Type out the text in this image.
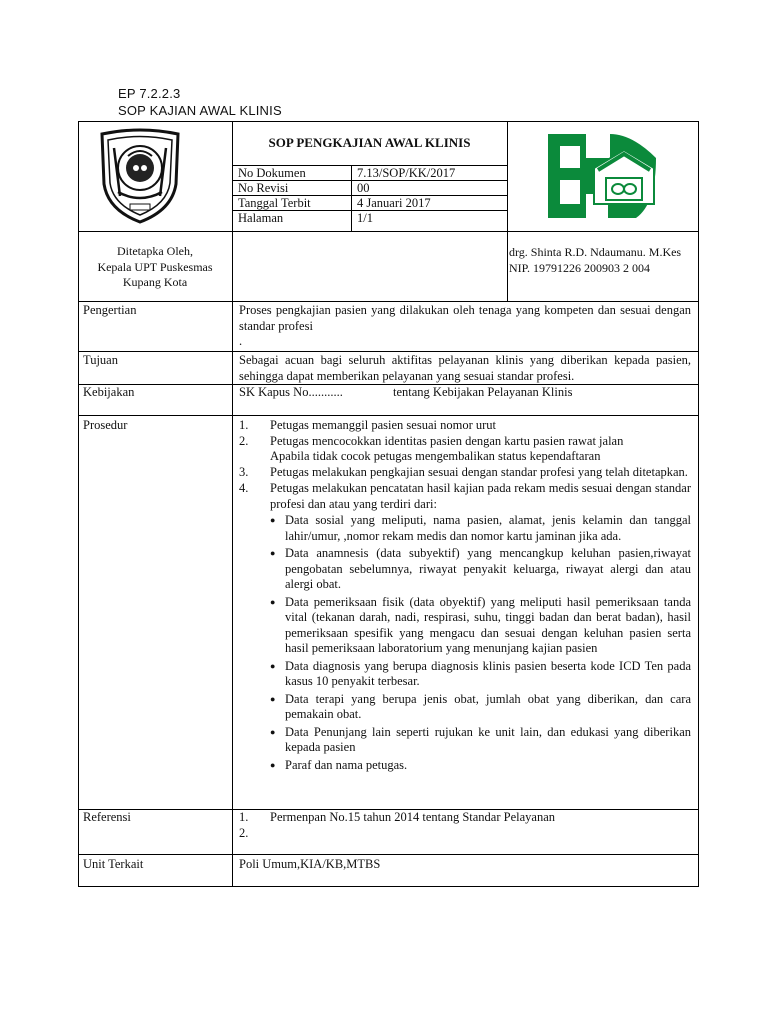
EP 7.2.2.3
SOP KAJIAN AWAL KLINIS
SOP PENGKAJIAN AWAL KLINIS
No Dokumen	7.13/SOP/KK/2017
No Revisi	00
Tanggal Terbit	4 Januari 2017
Halaman	1/1
Ditetapka Oleh,
Kepala UPT Puskesmas
Kupang Kota
drg. Shinta R.D. Ndaumanu. M.Kes
NIP. 19791226 200903 2 004
Pengertian	Proses pengkajian pasien yang dilakukan oleh tenaga yang kompeten dan sesuai dengan standar profesi
.
Tujuan	Sebagai acuan bagi seluruh aktifitas pelayanan klinis yang diberikan kepada pasien, sehingga dapat memberikan pelayanan yang sesuai standar profesi.
Kebijakan	SK Kapus No...........	tentang Kebijakan Pelayanan Klinis
Prosedur	1.	Petugas memanggil pasien sesuai nomor urut
2.	Petugas mencocokkan identitas pasien dengan kartu pasien rawat jalan
Apabila tidak cocok petugas mengembalikan status kependaftaran
3.	Petugas melakukan pengkajian sesuai dengan standar profesi yang telah ditetapkan.
4.	Petugas melakukan pencatatan hasil kajian pada rekam medis sesuai dengan standar profesi dan atau yang terdiri dari:
● Data sosial yang meliputi, nama pasien, alamat, jenis kelamin dan tanggal lahir/umur, ,nomor rekam medis dan nomor kartu jaminan jika ada.
● Data anamnesis (data subyektif) yang mencangkup keluhan pasien,riwayat pengobatan sebelumnya, riwayat penyakit keluarga, riwayat alergi dan atau alergi obat.
● Data pemeriksaan fisik (data obyektif) yang meliputi hasil pemeriksaan tanda vital (tekanan darah, nadi, respirasi, suhu, tinggi badan dan berat badan), hasil pemeriksaan spesifik yang mengacu dan sesuai dengan keluhan pasien serta hasil pemeriksaan laboratorium yang menunjang kajian pasien
● Data diagnosis yang berupa diagnosis klinis pasien beserta kode ICD Ten pada kasus 10 penyakit terbesar.
● Data terapi yang berupa jenis obat, jumlah obat yang diberikan, dan cara pemakain obat.
● Data Penunjang lain seperti rujukan ke unit lain, dan edukasi yang diberikan kepada pasien
● Paraf dan nama petugas.
Referensi	1.	Permenpan No.15 tahun 2014 tentang Standar Pelayanan
2.
Unit Terkait	Poli Umum,KIA/KB,MTBS
